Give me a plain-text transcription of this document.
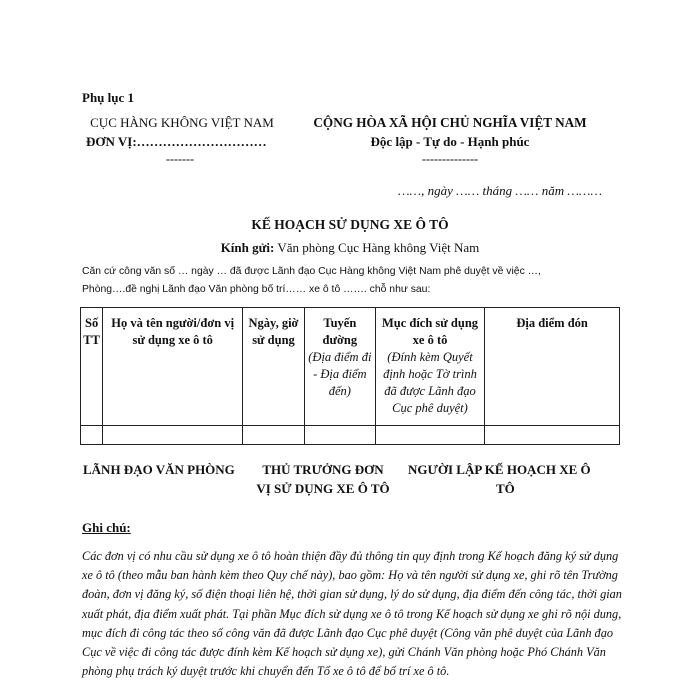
Phụ lục 1
CỤC HÀNG KHÔNG VIỆT NAM
ĐƠN VỊ:…………………………
-------
CỘNG HÒA XÃ HỘI CHỦ NGHĨA VIỆT NAM
Độc lập - Tự do - Hạnh phúc
--------------
……, ngày …… tháng …… năm ………
KẾ HOẠCH SỬ DỤNG XE Ô TÔ
Kính gửi: Văn phòng Cục Hàng không Việt Nam
Căn cứ công văn số … ngày … đã được Lãnh đạo Cục Hàng không Việt Nam phê duyệt về việc …,
Phòng….đề nghị Lãnh đạo Văn phòng bố trí…… xe ô tô ……. chỗ như sau:
Số TT	Họ và tên người/đơn vị sử dụng xe ô tô	Ngày, giờ sử dụng	Tuyến đường
(Địa điểm đi - Địa điểm đến)	Mục đích sử dụng xe ô tô
(Đính kèm Quyết định hoặc Tờ trình đã được Lãnh đạo Cục phê duyệt)	Địa điểm đón

LÃNH ĐẠO VĂN PHÒNG	THỦ TRƯỞNG ĐƠN
VỊ SỬ DỤNG XE Ô TÔ
NGƯỜI LẬP KẾ HOẠCH XE Ô
TÔ
Ghi chú:
Các đơn vị có nhu cầu sử dụng xe ô tô hoàn thiện đầy đủ thông tin quy định trong Kế hoạch đăng ký sử dụng xe ô tô (theo mẫu ban hành kèm theo Quy chế này), bao gồm: Họ và tên người sử dụng xe, ghi rõ tên Trường đoàn, đơn vị đăng ký, số điện thoại liên hệ, thời gian sử dụng, lý do sử dụng, địa điểm đến công tác, thời gian xuất phát, địa điểm xuất phát. Tại phần Mục đích sử dụng xe ô tô trong Kế hoạch sử dụng xe ghi rõ nội dung, mục đích đi công tác theo số công văn đã được Lãnh đạo Cục phê duyệt (Công văn phê duyệt của Lãnh đạo Cục về việc đi công tác được đính kèm Kế hoạch sử dụng xe), gửi Chánh Văn phòng hoặc Phó Chánh Văn phòng phụ trách ký duyệt trước khi chuyển đến Tổ xe ô tô để bố trí xe ô tô.
